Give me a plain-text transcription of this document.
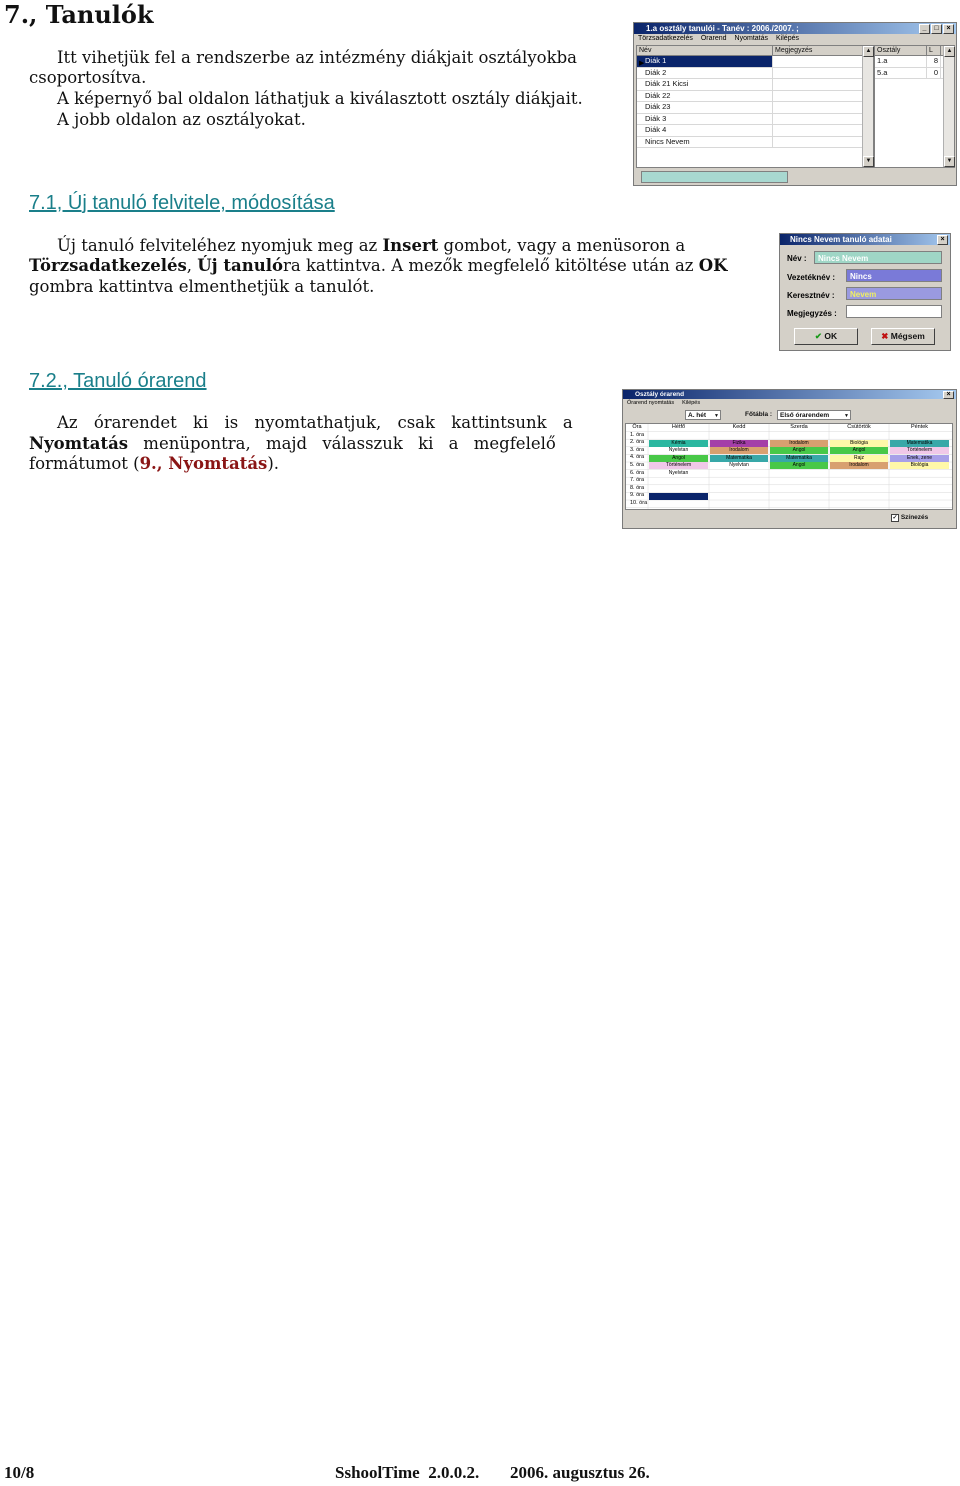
7., Tanulók
Itt vihetjük fel a rendszerbe az intézmény diákjait osztályokba
csoportosítva.
A képernyő bal oldalon láthatjuk a kiválasztott osztály diákjait.
A jobb oldalon az osztályokat.
7.1, Új tanuló felvitele, módosítása
Új tanuló felviteléhez nyomjuk meg az Insert gombot, vagy a menüsoron a
Törzsadatkezelés, Új tanulóra kattintva. A mezők megfelelő kitöltése után az OK
gombra kattintva elmenthetjük a tanulót.
7.2., Tanuló órarend
Az órarendet ki is nyomtathatjuk, csak kattintsunk a
Nyomtatás menüpontra, majd válasszuk ki a megfelelő
formátumot (9., Nyomtatás).
10/8	SshoolTime  2.0.0.2. 2006. augusztus 26.
1.a osztály tanulói - Tanév : 2006./2007. ;	_	□	×
Törzsadatkezelés Órarend Nyomtatás Kilépés
Név	Megjegyzés
Diák 1
Diák 2
Diák 21 Kicsi
Diák 22
Diák 23
Diák 3
Diák 4
Nincs Nevem
▶
▲
▼
Osztály	L
1.a	8
5.a	0
▲
▼
Nincs Nevem tanuló adatai	×
Név :	Nincs Nevem
Vezetéknév :	Nincs
Keresztnév :	Nevem
Megjegyzés :
✔ OK	✖ Mégsem
Osztály órarend	×
Órarend nyomtatás Kilépés
A. hét ▼	Főtábla :	Első órarendem	▼
Óra	Hétfő	Kedd	Szerda	Csütörtök	Péntek
1. óra
2. óra	Kémia	Fizika	Irodalom	Biológia	Matematika
3. óra	Nyelvtan	Irodalom	Angol	Angol	Történelem
4. óra	Angol	Matematika	Matematika	Rajz	Ének, zene
5. óra	Történelem	Nyelvtan	Angol	Irodalom	Biológia
6. óra	Nyelvtan
7. óra
8. óra
9. óra
10. óra
✓ Színezés
